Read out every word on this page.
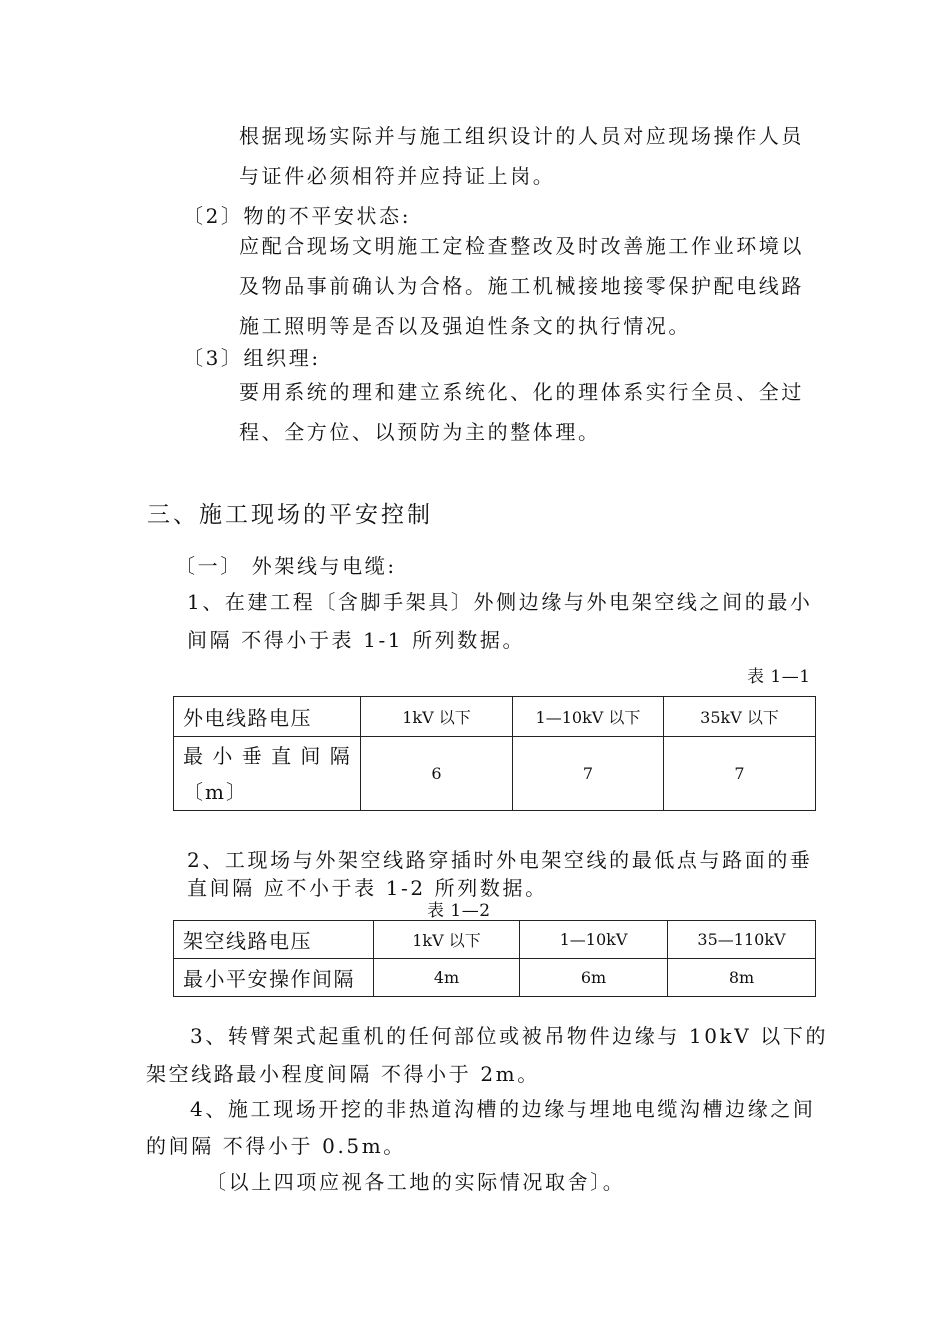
根据现场实际并与施工组织设计的人员对应现场操作人员
与证件必须相符并应持证上岗。
〔2〕物的不平安状态:
应配合现场文明施工定检查整改及时改善施工作业环境以
及物品事前确认为合格。施工机械接地接零保护配电线路
施工照明等是否以及强迫性条文的执行情况。
〔3〕组织理:
要用系统的理和建立系统化、化的理体系实行全员、全过
程、全方位、以预防为主的整体理。
三、施工现场的平安控制
〔一〕 外架线与电缆:
1、在建工程〔含脚手架具〕外侧边缘与外电架空线之间的最小
间隔 不得小于表 1-1 所列数据。
表 1—1
外电线路电压	1kV 以下	1—10kV 以下	35kV 以下

最 小 垂 直 间 隔
〔m〕	6	7	7
2、工现场与外架空线路穿插时外电架空线的最低点与路面的垂
直间隔 应不小于表 1-2 所列数据。
表 1—2
架空线路电压	1kV 以下	1—10kV	35—110kV
最小平安操作间隔	4m	6m	8m
3、转臂架式起重机的任何部位或被吊物件边缘与 10kV 以下的
架空线路最小程度间隔 不得小于 2m。
4、施工现场开挖的非热道沟槽的边缘与埋地电缆沟槽边缘之间
的间隔 不得小于 0.5m。
〔以上四项应视各工地的实际情况取舍〕。
